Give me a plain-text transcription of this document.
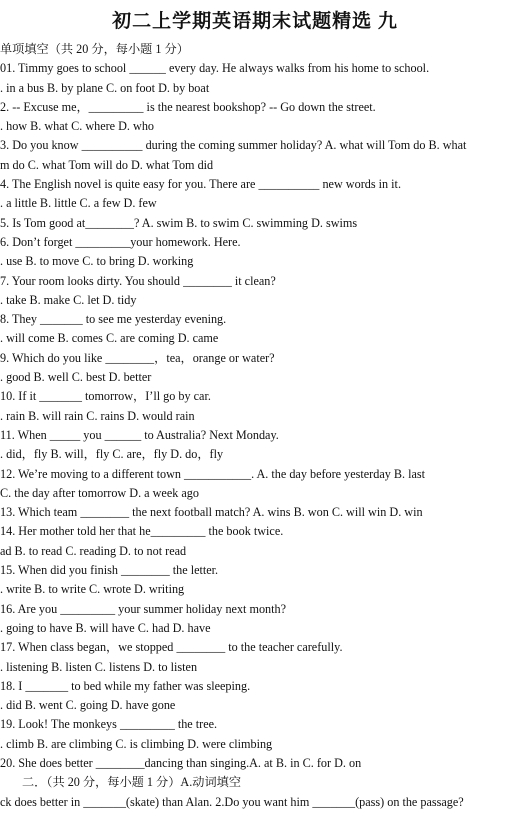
初二上学期英语期末试题精选 九
单项填空（共 20 分，每小题 1 分）
01. Timmy goes to school ______ every day. He always walks from his home to school.
. in a bus B. by plane C. on foot D. by boat
2. -- Excuse me，_________ is the nearest bookshop? -- Go down the street.
. how B. what C. where D. who
3. Do you know __________ during the coming summer holiday? A. what will Tom do B. what
m do C. what Tom will do D. what Tom did
4. The English novel is quite easy for you. There are __________ new words in it.
. a little B. little C. a few D. few
5. Is Tom good at________? A. swim B. to swim C. swimming D. swims
6. Don’t forget _________your homework. Here.
. use B. to move C. to bring D. working
7. Your room looks dirty. You should ________ it clean?
. take B. make C. let D. tidy
8. They _______ to see me yesterday evening.
. will come B. comes C. are coming D. came
9. Which do you like ________，tea，orange or water?
. good B. well C. best D. better
10. If it _______ tomorrow，I’ll go by car.
. rain B. will rain C. rains D. would rain
11. When _____ you ______ to Australia? Next Monday.
. did，fly B. will，fly C. are，fly D. do，fly
12. We’re moving to a different town ___________. A. the day before yesterday B. last
C. the day after tomorrow D. a week ago
13. Which team ________ the next football match? A. wins B. won C. will win D. win
14. Her mother told her that he_________ the book twice.
ad B. to read C. reading D. to not read
15. When did you finish ________ the letter.
. write B. to write C. wrote D. writing
16. Are you _________ your summer holiday next month?
. going to have B. will have C. had D. have
17. When class began，we stopped ________ to the teacher carefully.
. listening B. listen C. listens D. to listen
18. I _______ to bed while my father was sleeping.
. did B. went C. going D. have gone
19. Look! The monkeys _________ the tree.
. climb B. are climbing C. is climbing D. were climbing
20. She does better ________dancing than singing.A. at B. in C. for D. on
二．（共 20 分，每小题 1 分）A.动词填空
ck does better in _______(skate) than Alan. 2.Do you want him _______(pass) on the passage?
